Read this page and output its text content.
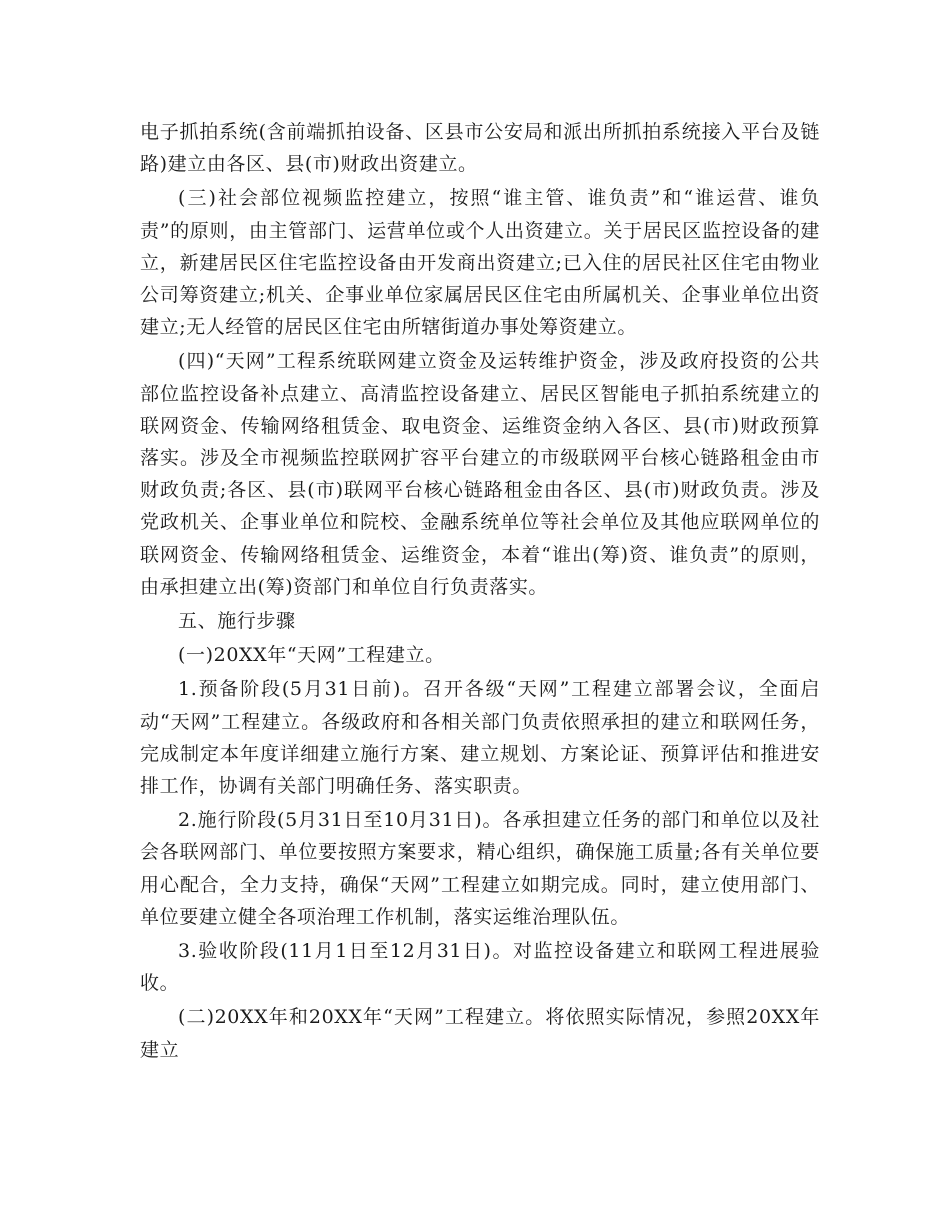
电子抓拍系统(含前端抓拍设备、区县市公安局和派出所抓拍系统接入平台及链路)建立由各区、县(市)财政出资建立。

(三)社会部位视频监控建立，按照“谁主管、谁负责”和“谁运营、谁负责”的原则，由主管部门、运营单位或个人出资建立。关于居民区监控设备的建立，新建居民区住宅监控设备由开发商出资建立;已入住的居民社区住宅由物业公司筹资建立;机关、企事业单位家属居民区住宅由所属机关、企事业单位出资建立;无人经管的居民区住宅由所辖街道办事处筹资建立。

(四)“天网”工程系统联网建立资金及运转维护资金，涉及政府投资的公共部位监控设备补点建立、高清监控设备建立、居民区智能电子抓拍系统建立的联网资金、传输网络租赁金、取电资金、运维资金纳入各区、县(市)财政预算落实。涉及全市视频监控联网扩容平台建立的市级联网平台核心链路租金由市财政负责;各区、县(市)联网平台核心链路租金由各区、县(市)财政负责。涉及党政机关、企事业单位和院校、金融系统单位等社会单位及其他应联网单位的联网资金、传输网络租赁金、运维资金，本着“谁出(筹)资、谁负责”的原则，由承担建立出(筹)资部门和单位自行负责落实。

五、施行步骤

(一)20XX年“天网”工程建立。

1.预备阶段(5月31日前)。召开各级“天网”工程建立部署会议，全面启动“天网”工程建立。各级政府和各相关部门负责依照承担的建立和联网任务，完成制定本年度详细建立施行方案、建立规划、方案论证、预算评估和推进安排工作，协调有关部门明确任务、落实职责。

2.施行阶段(5月31日至10月31日)。各承担建立任务的部门和单位以及社会各联网部门、单位要按照方案要求，精心组织，确保施工质量;各有关单位要用心配合，全力支持，确保“天网”工程建立如期完成。同时，建立使用部门、单位要建立健全各项治理工作机制，落实运维治理队伍。

3.验收阶段(11月1日至12月31日)。对监控设备建立和联网工程进展验收。

(二)20XX年和20XX年“天网”工程建立。将依照实际情况，参照20XX年建立
